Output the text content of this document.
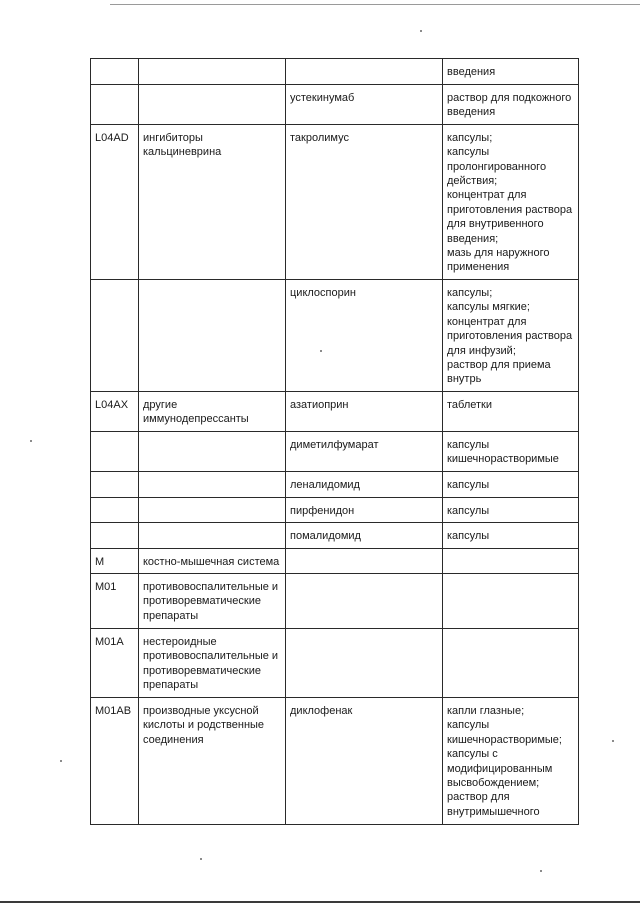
			введения
		устекинумаб	раствор для подкожного введения
L04AD	ингибиторы кальциневрина	такролимус	капсулы;
капсулы пролонгированного действия;
концентрат для приготовления раствора для внутривенного введения;
мазь для наружного применения
		циклоспорин	капсулы;
капсулы мягкие;
концентрат для приготовления раствора для инфузий;
раствор для приема внутрь
L04AX	другие иммунодепрессанты	азатиоприн	таблетки
		диметилфумарат	капсулы кишечнорастворимые
		леналидомид	капсулы
		пирфенидон	капсулы
		помалидомид	капсулы
M	костно-мышечная система		
M01	противовоспалительные и противоревматические препараты		
M01A	нестероидные противовоспалительные и противоревматические препараты		
M01AB	производные уксусной кислоты и родственные соединения	диклофенак	капли глазные;
капсулы кишечнорастворимые;
капсулы с модифицированным высвобождением;
раствор для внутримышечного
